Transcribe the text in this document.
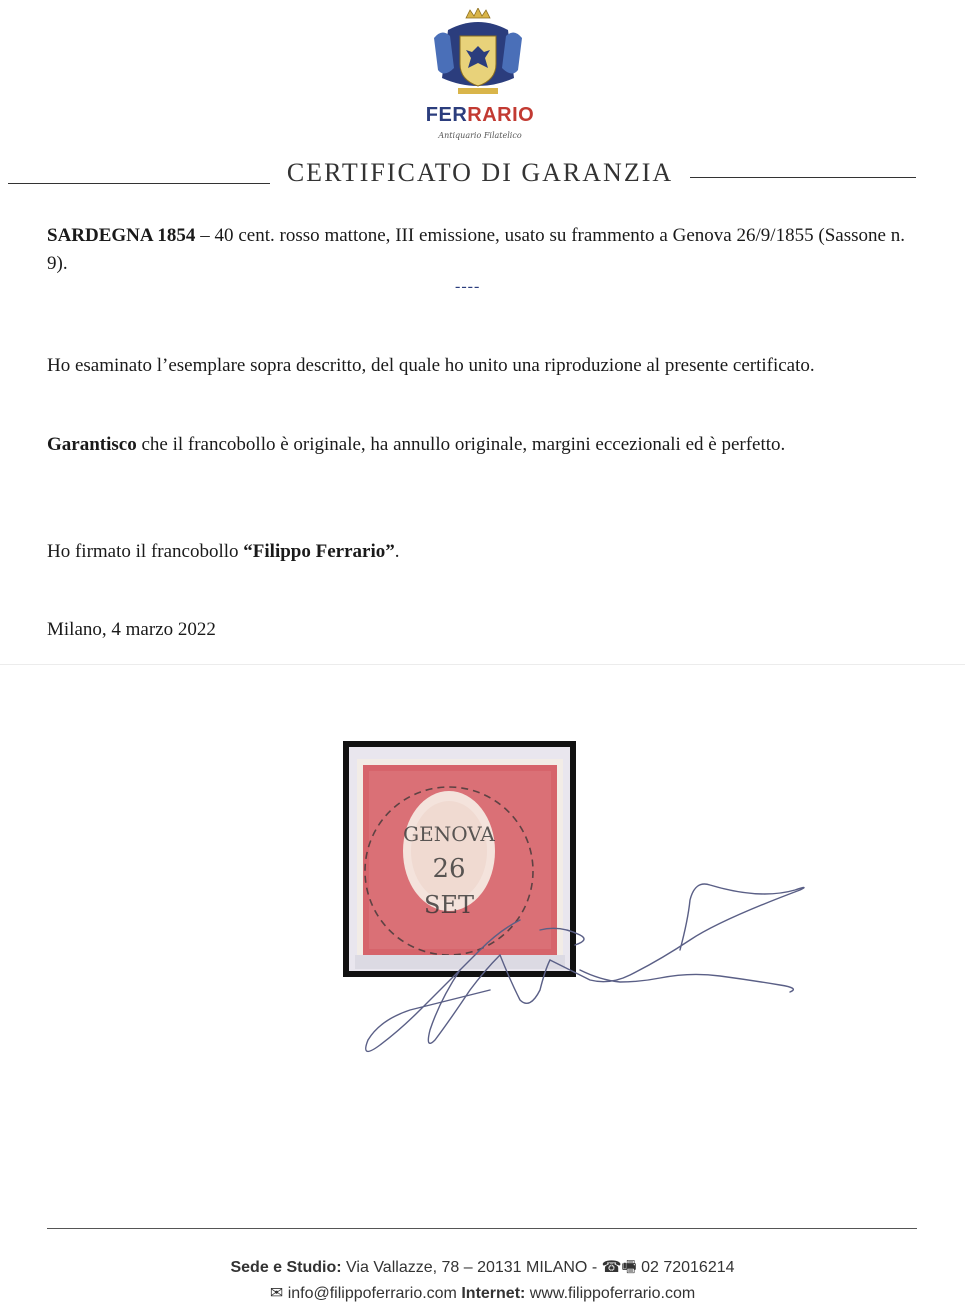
FERRARIO
Antiquario Filatelico
CERTIFICATO DI GARANZIA
SARDEGNA 1854 – 40 cent. rosso mattone, III emissione, usato su frammento a Genova 26/9/1855 (Sassone n. 9).
----
Ho esaminato l’esemplare sopra descritto, del quale ho unito una riproduzione al presente certificato.
Garantisco che il francobollo è originale, ha annullo originale, margini eccezionali ed è perfetto.
Ho firmato il francobollo “Filippo Ferrario”.
Milano, 4 marzo 2022
GENOVA
26
SET
Sede e Studio: Via Vallazze, 78 – 20131 MILANO - ☎🖷 02 72016214
✉ info@filippoferrario.com Internet: www.filippoferrario.com
